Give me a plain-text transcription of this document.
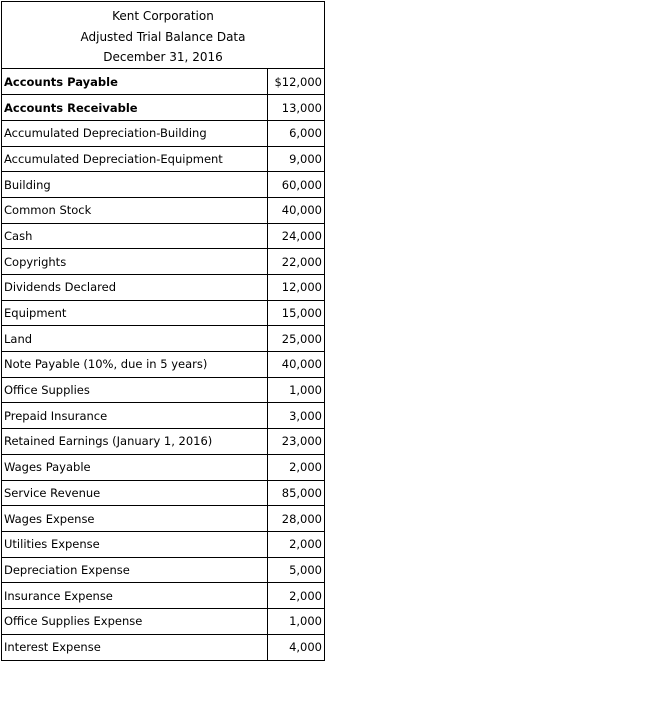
Kent Corporation
Adjusted Trial Balance Data
December 31, 2016
Accounts Payable	$12,000
Accounts Receivable	13,000
Accumulated Depreciation-Building	6,000
Accumulated Depreciation-Equipment	9,000
Building	60,000
Common Stock	40,000
Cash	24,000
Copyrights	22,000
Dividends Declared	12,000
Equipment	15,000
Land	25,000
Note Payable (10%, due in 5 years)	40,000
Office Supplies	1,000
Prepaid Insurance	3,000
Retained Earnings (January 1, 2016)	23,000
Wages Payable	2,000
Service Revenue	85,000
Wages Expense	28,000
Utilities Expense	2,000
Depreciation Expense	5,000
Insurance Expense	2,000
Office Supplies Expense	1,000
Interest Expense	4,000
